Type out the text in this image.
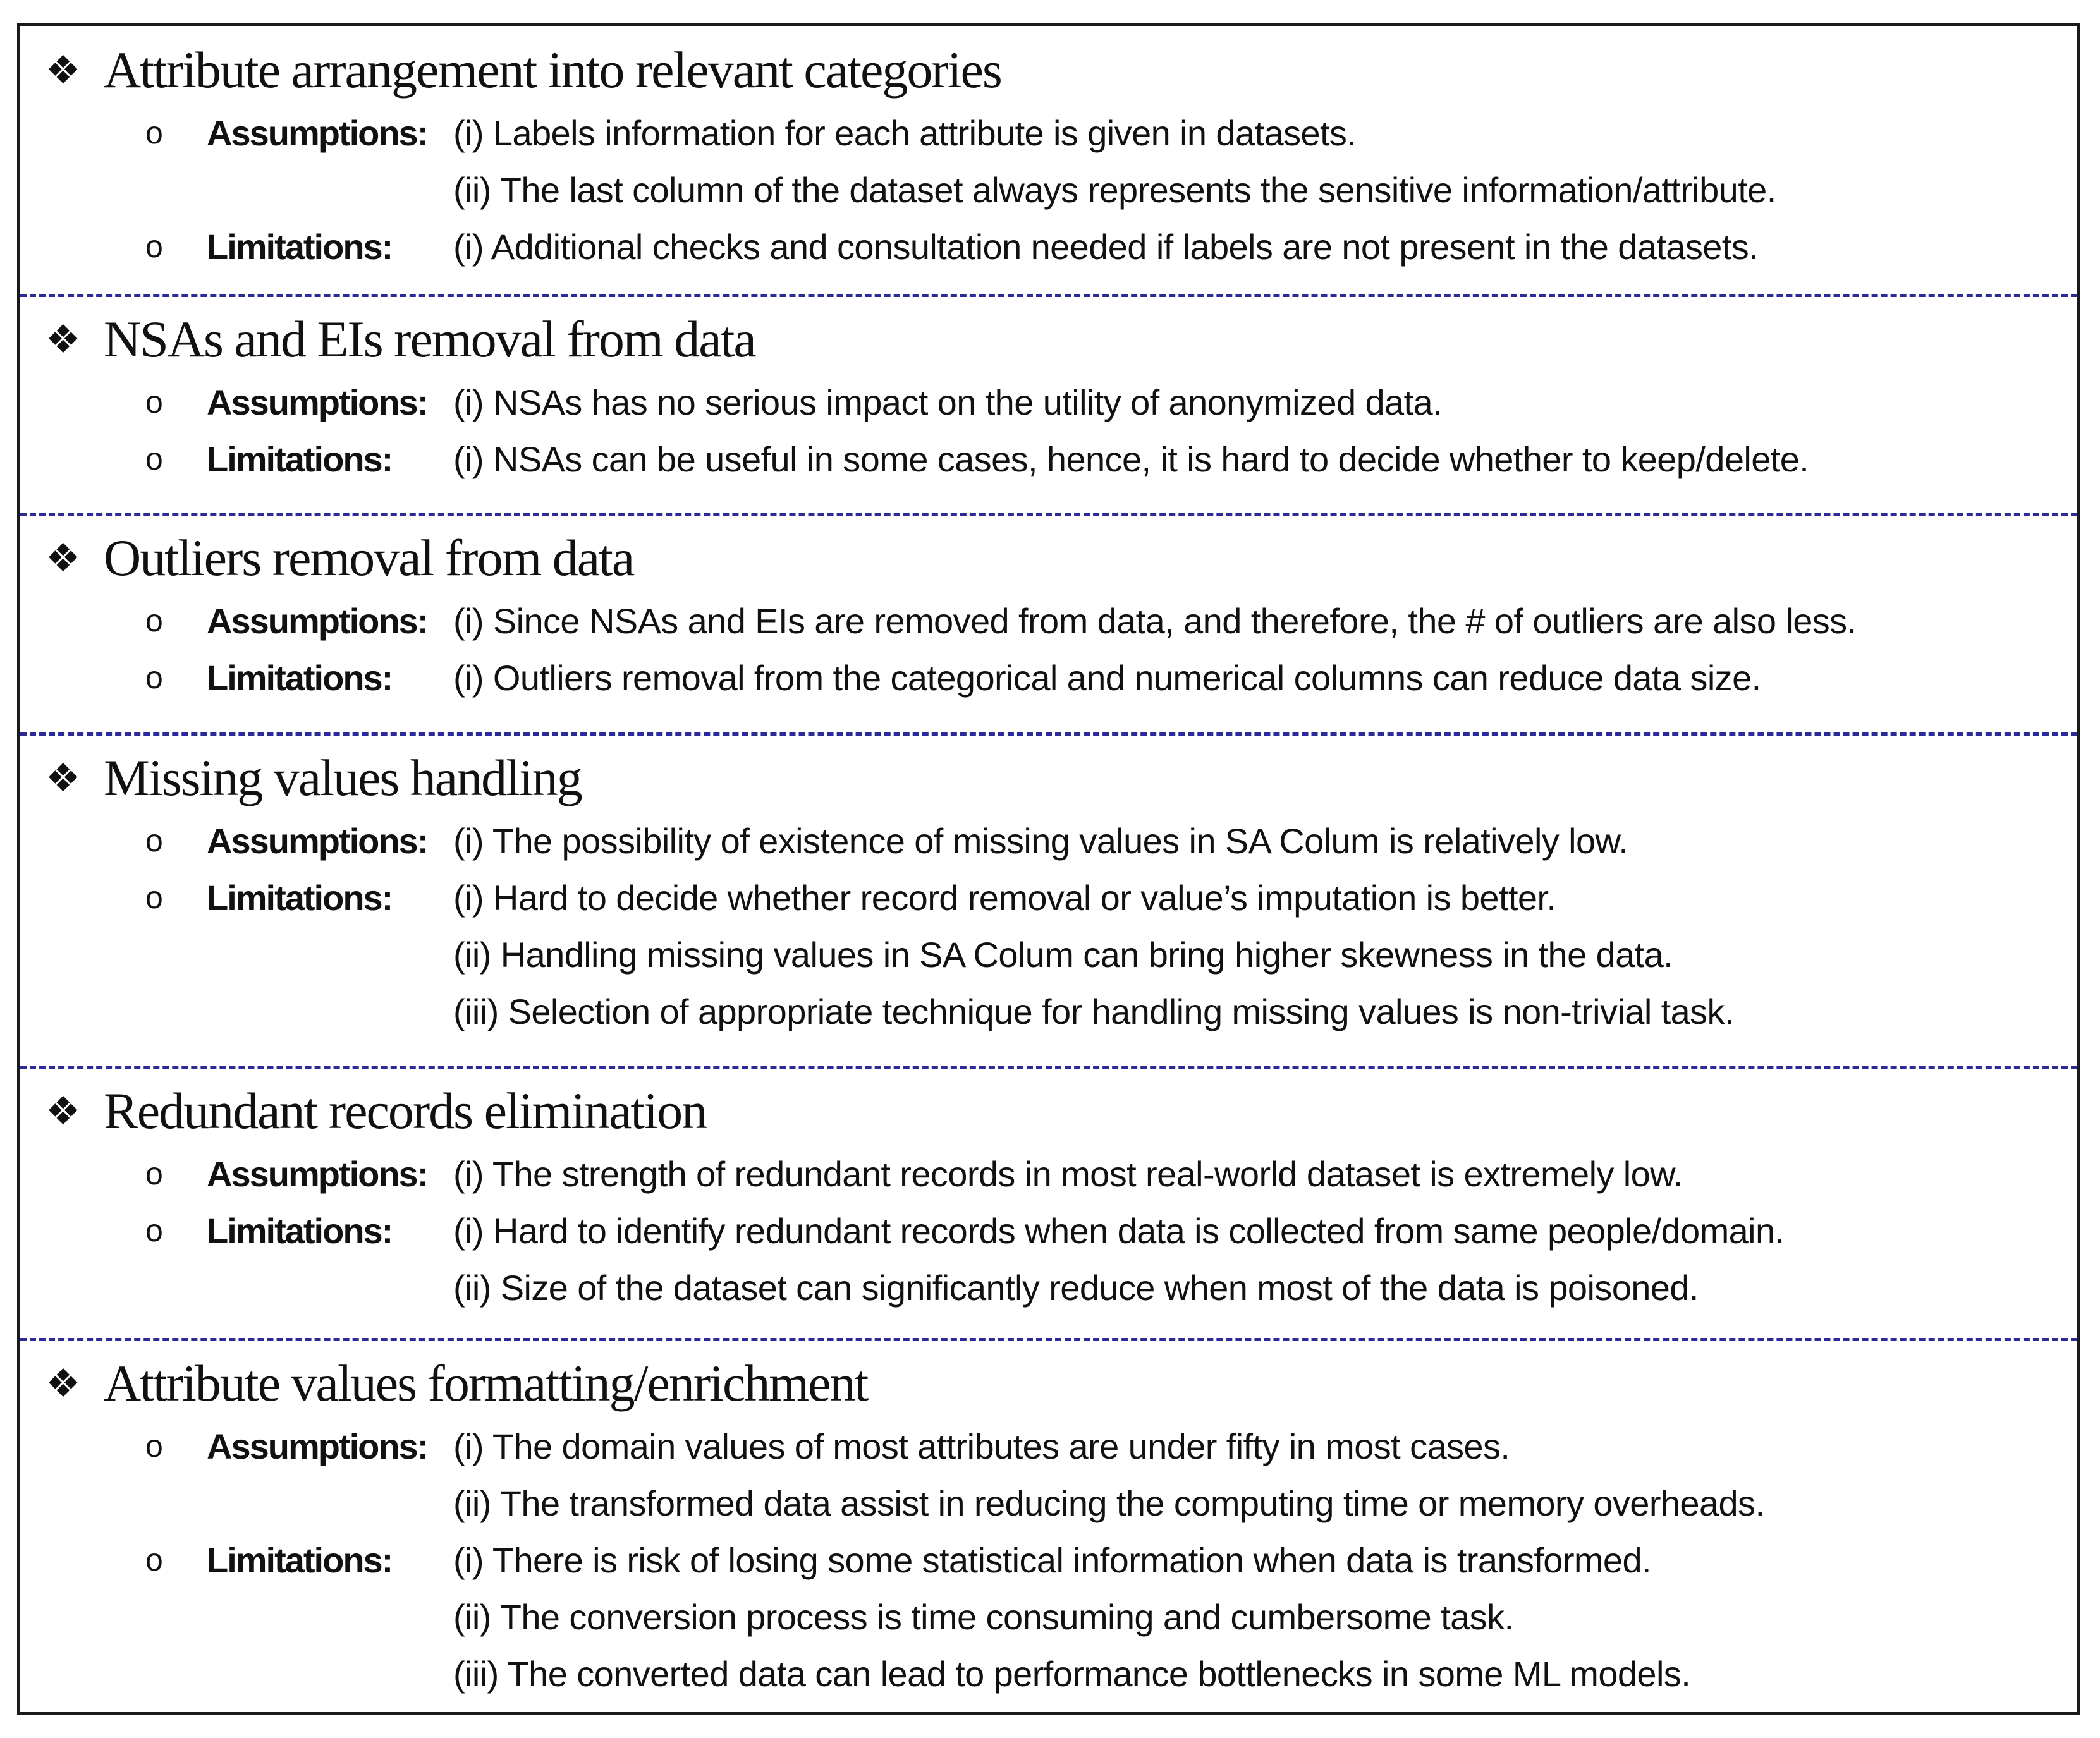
❖ Attribute arrangement into relevant categories
o Assumptions: (i) Labels information for each attribute is given in datasets.
(ii) The last column of the dataset always represents the sensitive information/attribute.
o Limitations: (i) Additional checks and consultation needed if labels are not present in the datasets.
❖ NSAs and EIs removal from data
o Assumptions: (i) NSAs has no serious impact on the utility of anonymized data.
o Limitations: (i) NSAs can be useful in some cases, hence, it is hard to decide whether to keep/delete.
❖ Outliers removal from data
o Assumptions: (i) Since NSAs and EIs are removed from data, and therefore, the # of outliers are also less.
o Limitations: (i) Outliers removal from the categorical and numerical columns can reduce data size.
❖ Missing values handling
o Assumptions: (i) The possibility of existence of missing values in SA Colum is relatively low.
o Limitations: (i) Hard to decide whether record removal or value’s imputation is better.
(ii) Handling missing values in SA Colum can bring higher skewness in the data.
(iii) Selection of appropriate technique for handling missing values is non-trivial task.
❖ Redundant records elimination
o Assumptions: (i) The strength of redundant records in most real-world dataset is extremely low.
o Limitations: (i) Hard to identify redundant records when data is collected from same people/domain.
(ii) Size of the dataset can significantly reduce when most of the data is poisoned.
❖ Attribute values formatting/enrichment
o Assumptions: (i) The domain values of most attributes are under fifty in most cases.
(ii) The transformed data assist in reducing the computing time or memory overheads.
o Limitations: (i) There is risk of losing some statistical information when data is transformed.
(ii) The conversion process is time consuming and cumbersome task.
(iii) The converted data can lead to performance bottlenecks in some ML models.
